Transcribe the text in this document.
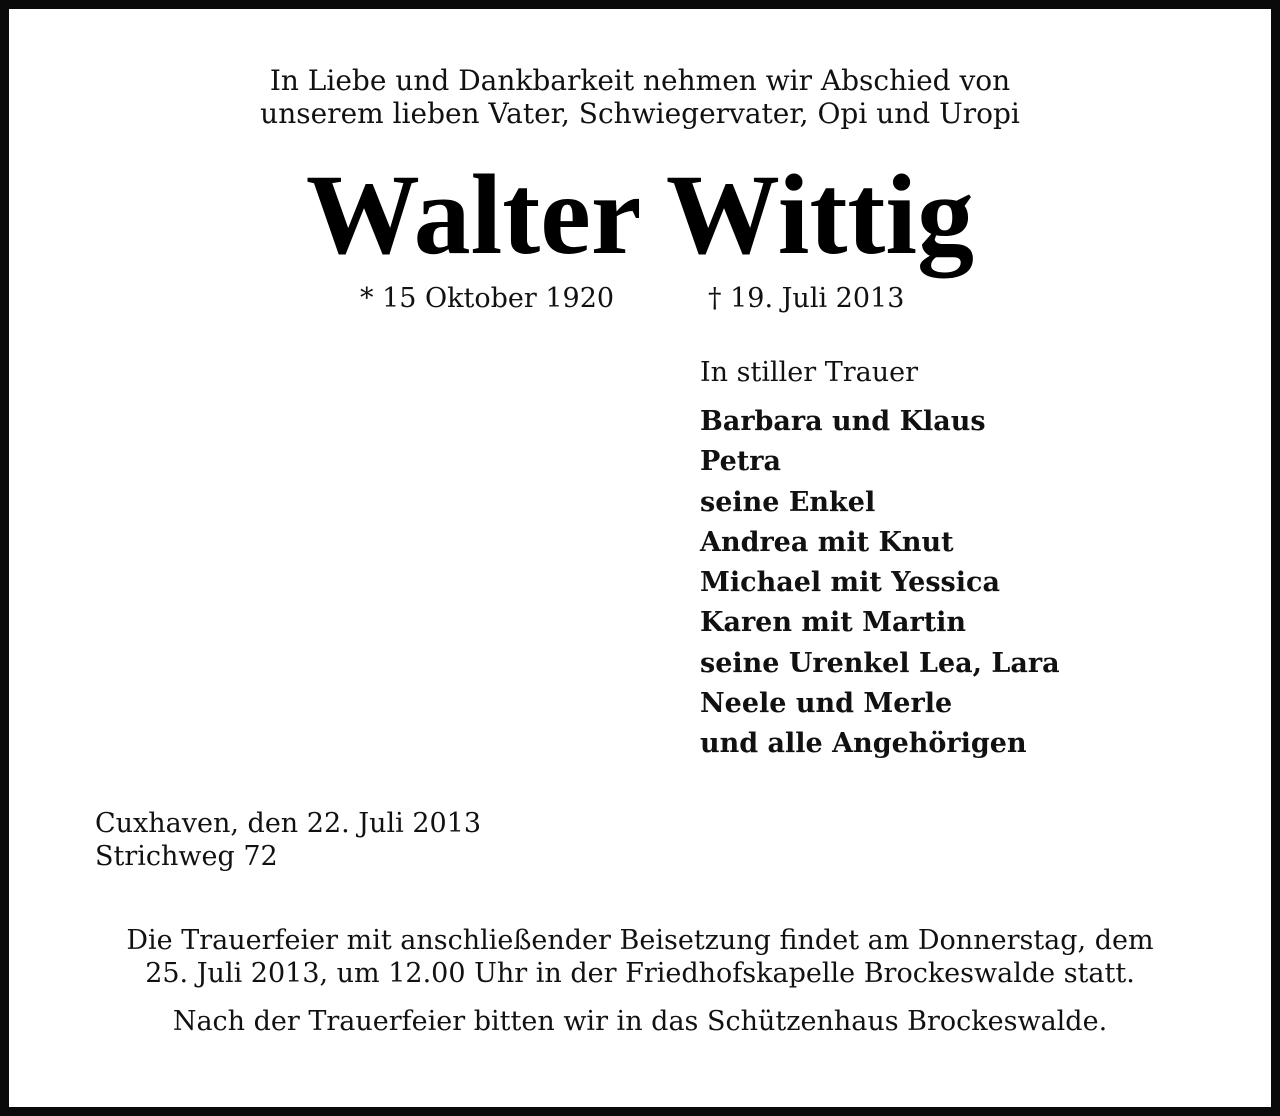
In Liebe und Dankbarkeit nehmen wir Abschied von
unserem lieben Vater, Schwiegervater, Opi und Uropi
Walter Wittig
* 15 Oktober 1920	† 19. Juli 2013
In stiller Trauer
Barbara und Klaus
Petra
seine Enkel
Andrea mit Knut
Michael mit Yessica
Karen mit Martin
seine Urenkel Lea, Lara
Neele und Merle
und alle Angehörigen
Cuxhaven, den 22. Juli 2013
Strichweg 72
Die Trauerfeier mit anschließender Beisetzung findet am Donnerstag, dem
25. Juli 2013, um 12.00 Uhr in der Friedhofskapelle Brockeswalde statt.
Nach der Trauerfeier bitten wir in das Schützenhaus Brockeswalde.
